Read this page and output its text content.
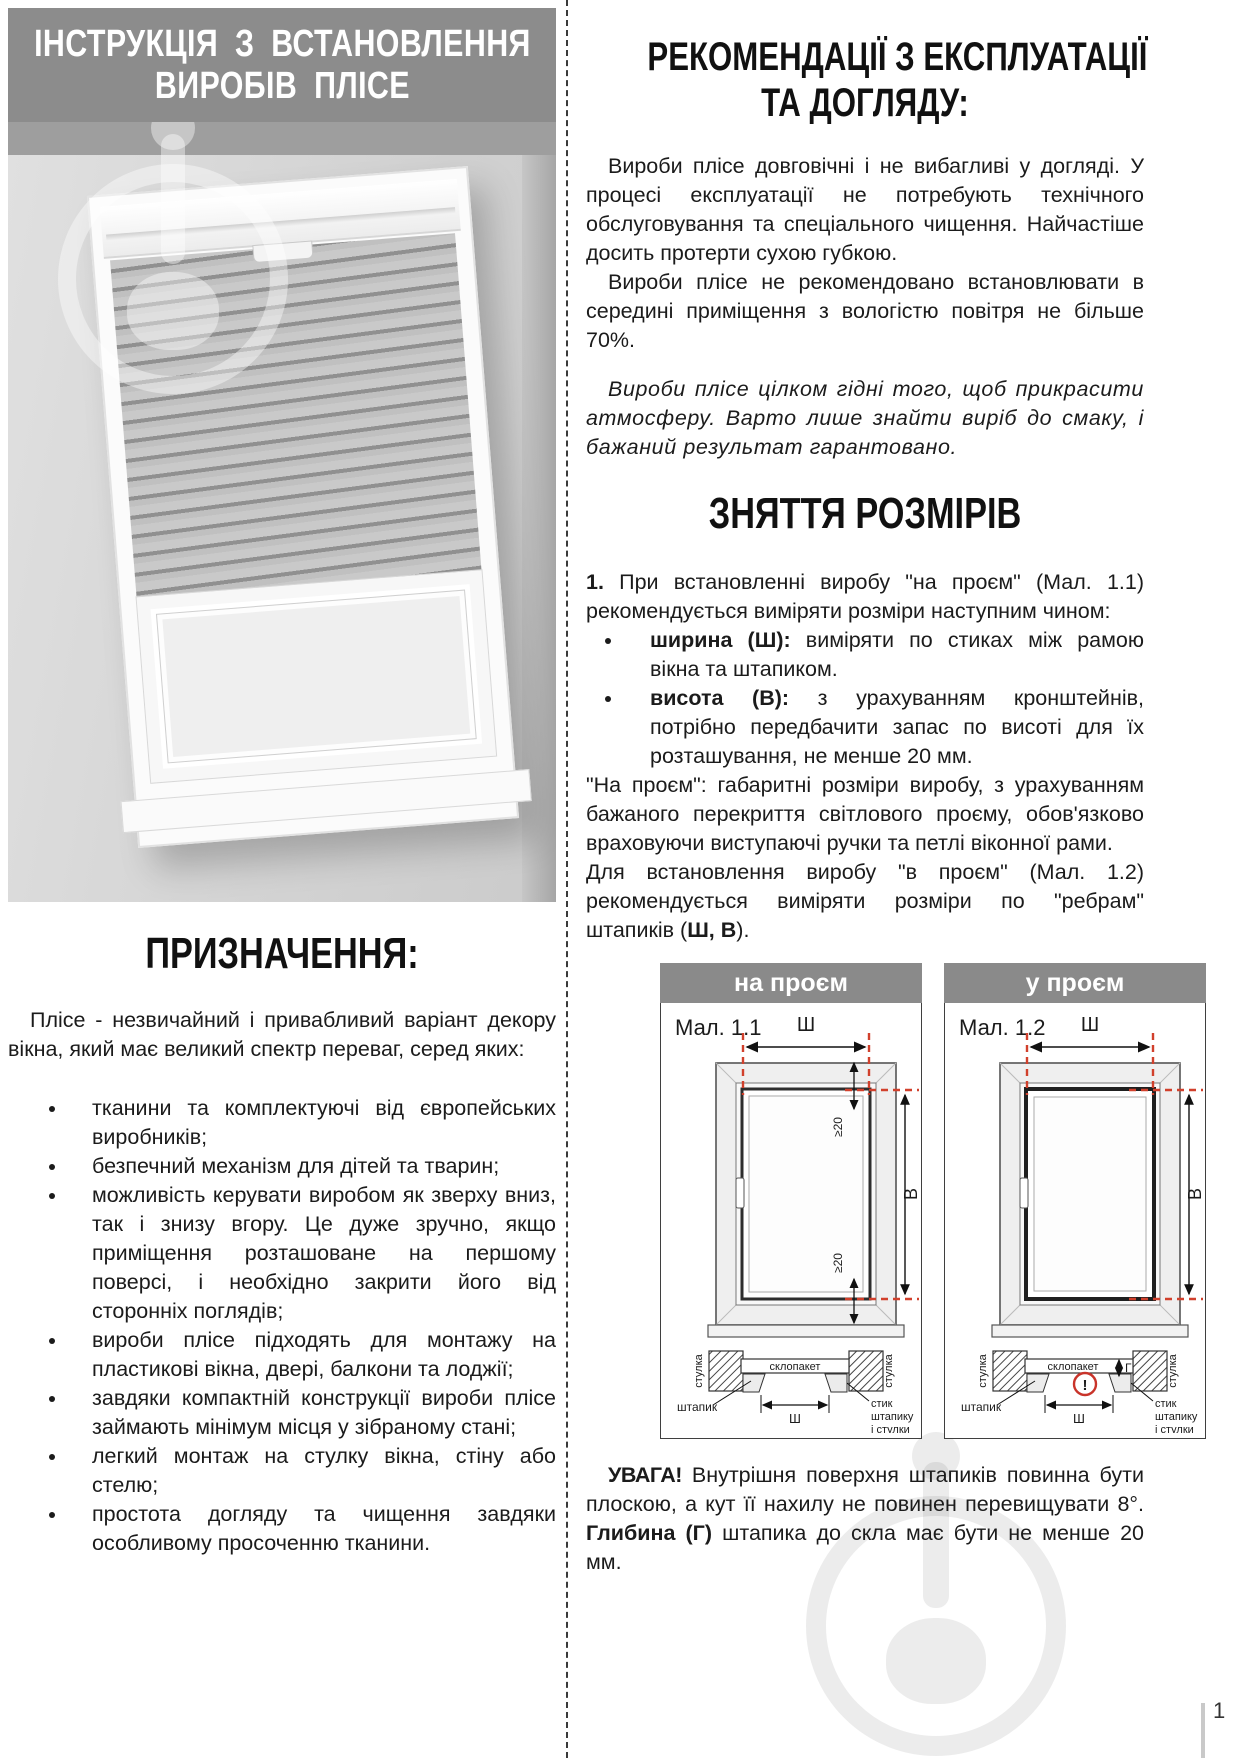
ІНСТРУКЦІЯ З ВСТАНОВЛЕННЯ
ВИРОБІВ ПЛІСЕ
ПРИЗНАЧЕННЯ:

Плісе - незвичайний і привабливий варіант декору вікна, який має великий спектр переваг, серед яких:

• тканини та комплектуючі від європейських виробників;
• безпечний механізм для дітей та тварин;
• можливість керувати виробом як зверху вниз, так і знизу вгору. Це дуже зручно, якщо приміщення розташоване на першому поверсі, і необхідно закрити його від сторонніх поглядів;
• вироби плісе підходять для монтажу на пластикові вікна, двері, балкони та лоджії;
• завдяки компактній конструкції вироби плісе займають мінімум місця у зібраному стані;
• легкий монтаж на стулку вікна, стіну або стелю;
• простота догляду та чищення завдяки особливому просоченню тканини.
РЕКОМЕНДАЦІЇ З ЕКСПЛУАТАЦІЇ
ТА ДОГЛЯДУ:

Вироби плісе довговічні і не вибагливі у догляді. У процесі експлуатації не потребують технічного обслуговування та спеціального чищення. Найчастіше досить протерти сухою губкою.

Вироби плісе не рекомендовано встановлювати в середині приміщення з вологістю повітря не більше 70%.

Вироби плісе цілком гідні того, щоб прикрасити атмосферу. Варто лише знайти виріб до смаку, і бажаний результат гарантовано.

ЗНЯТТЯ РОЗМІРІВ

1. При встановленні виробу "на проєм" (Мал. 1.1) рекомендується виміряти розміри наступним чином:

• ширина (Ш): виміряти по стиках між рамою вікна та штапиком.
• висота (В): з урахуванням кронштейнів, потрібно передбачити запас по висоті для їх розташування, не менше 20 мм.

"На проєм": габаритні розміри виробу, з урахуванням бажаного перекриття світлового проєму, обов'язково враховуючи виступаючі ручки та петлі віконної рами.

Для встановлення виробу "в проєм" (Мал. 1.2) рекомендується виміряти розміри по "ребрам" штапиків (Ш, В).

на проєм
Мал. 1.1 Ш
В
≥20
≥20
склопакет
стулка	стулка
Ш
штапик	стик
штапику
і стулки
у проєм
Мал. 1.2 Ш
В
склопакет
!
Г
стулка	стулка
Ш
штапик	стик
штапику
і стулки

УВАГА! Внутрішня поверхня штапиків повинна бути плоскою, а кут її нахилу не повинен перевищувати 8°. Глибина (Г) штапика до скла має бути не менше 20 мм.

1
